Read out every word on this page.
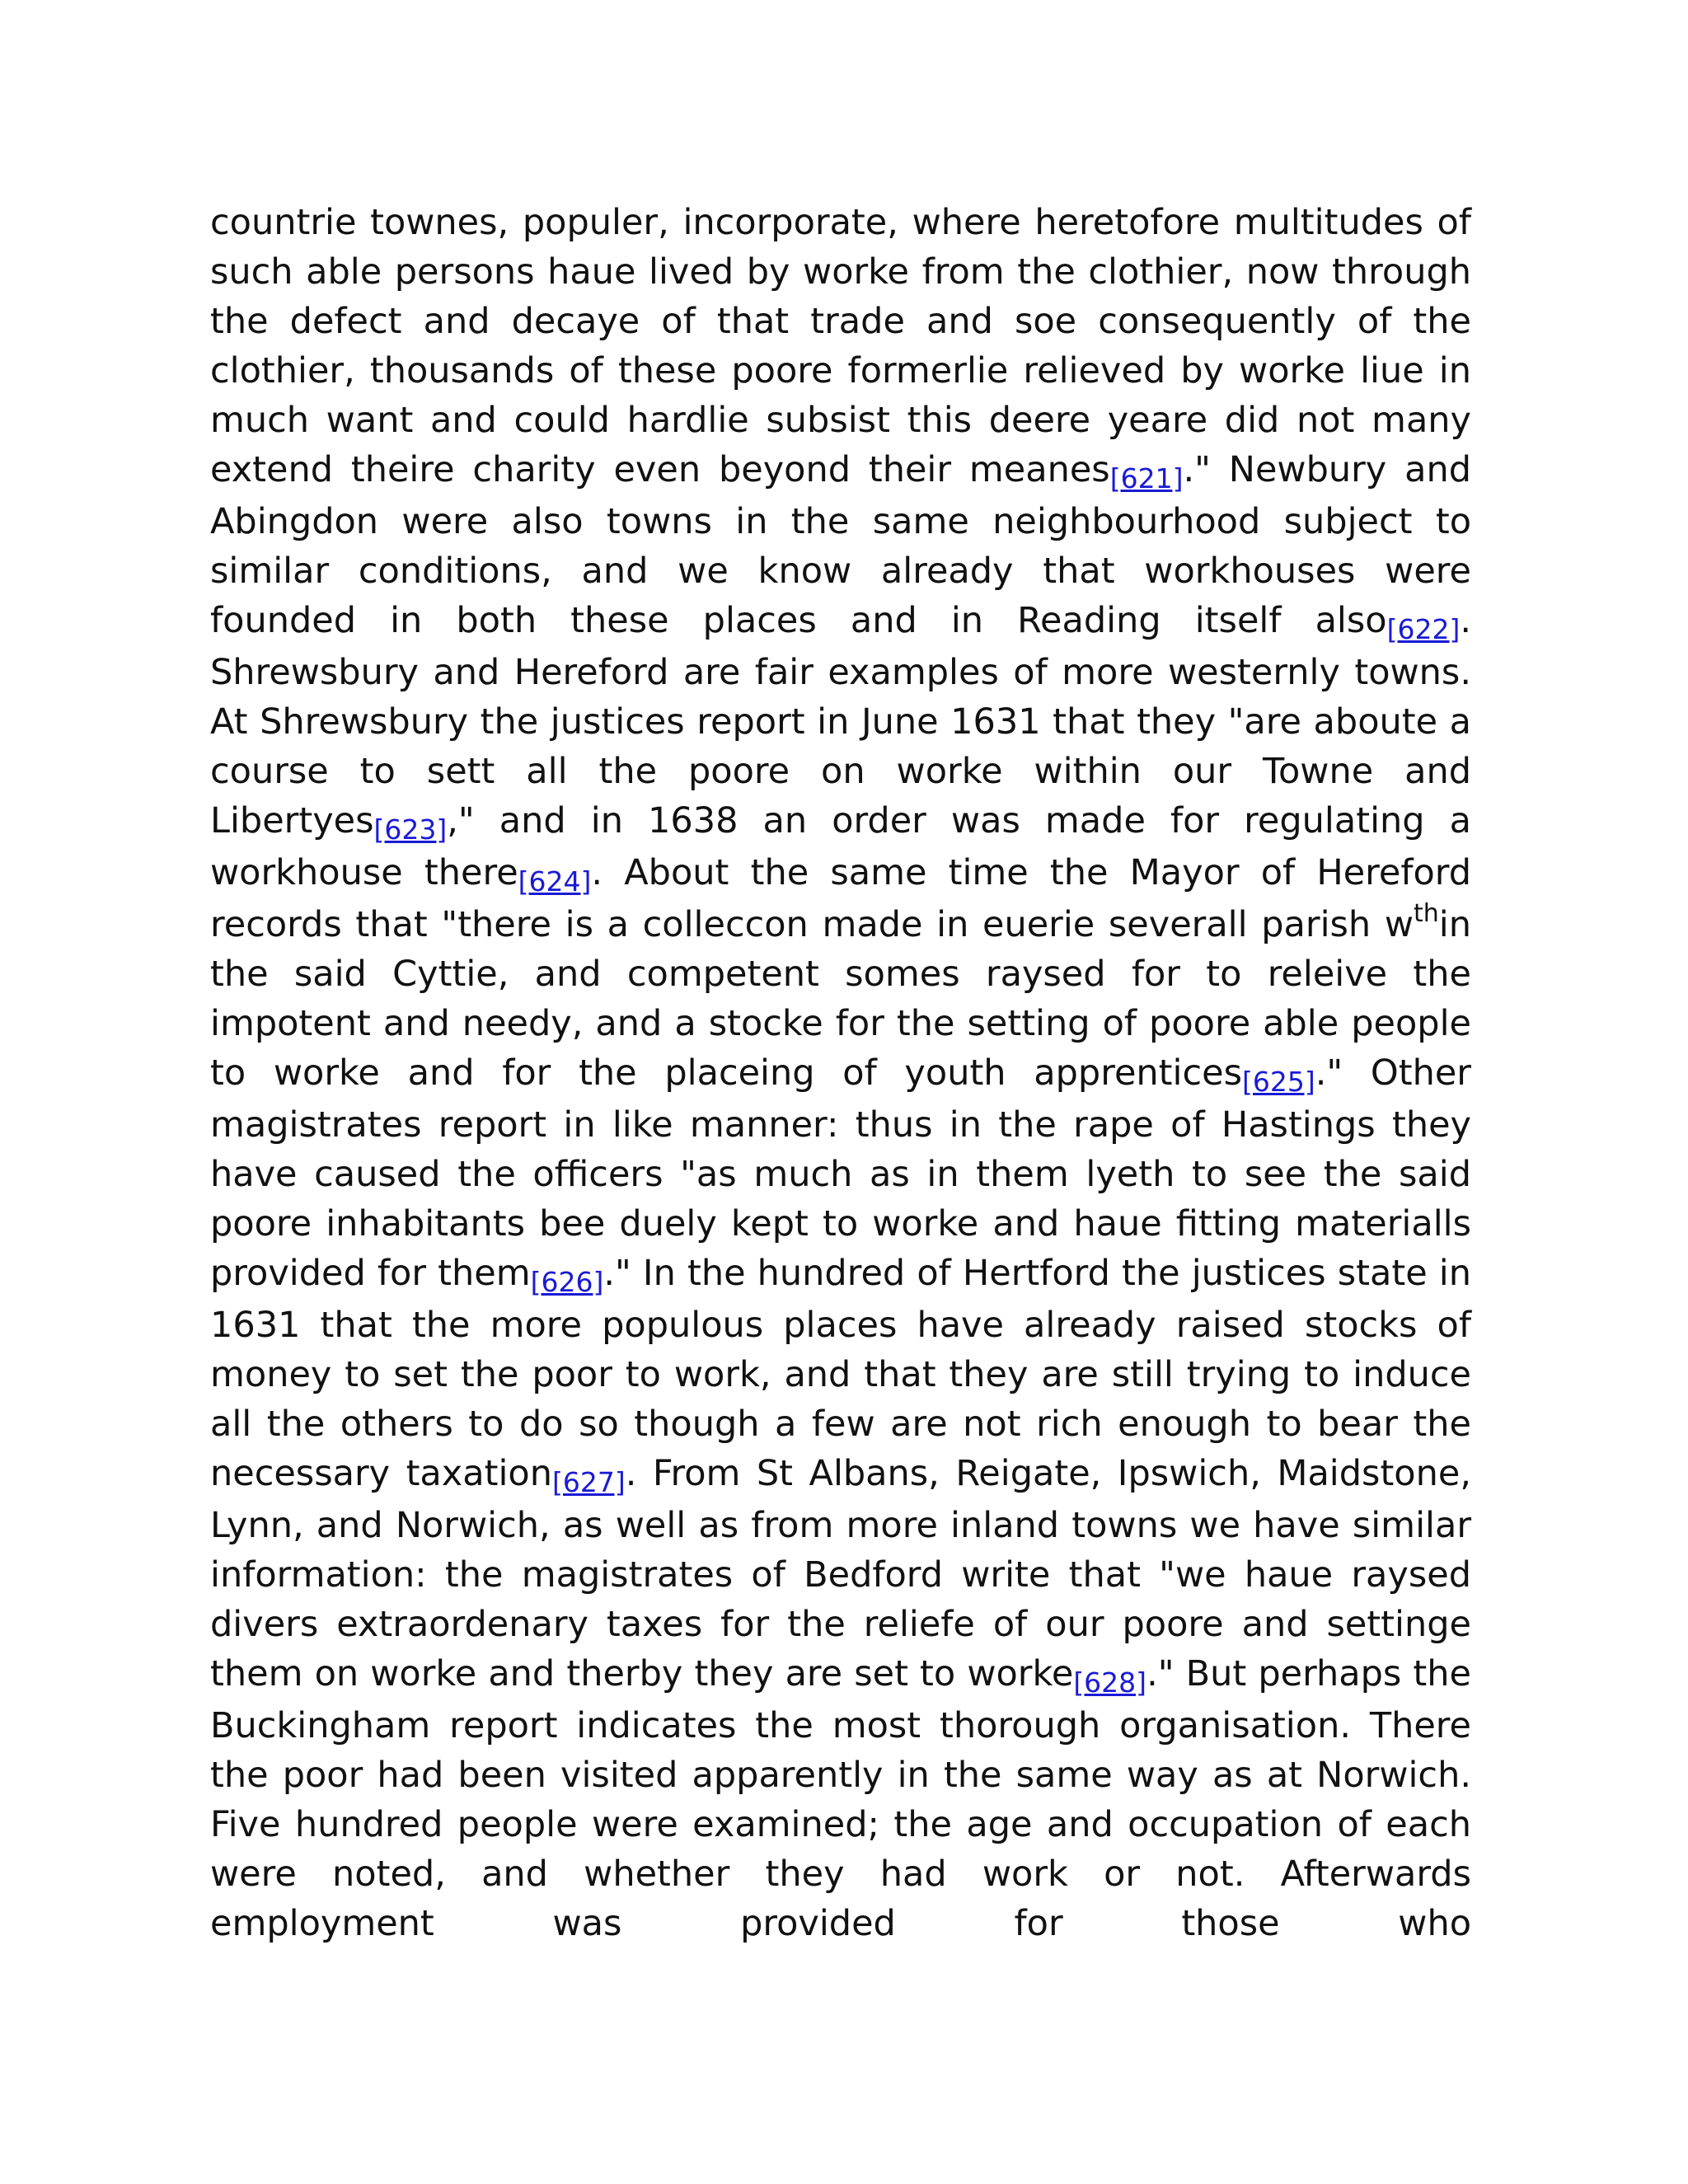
countrie townes, populer, incorporate, where heretofore multitudes of such able persons haue lived by worke from the clothier, now through the defect and decaye of that trade and soe consequently of the clothier, thousands of these poore formerlie relieved by worke liue in much want and could hardlie subsist this deere yeare did not many extend theire charity even beyond their meanes[621]." Newbury and Abingdon were also towns in the same neighbourhood subject to similar conditions, and we know already that workhouses were founded in both these places and in Reading itself also[622]. Shrewsbury and Hereford are fair examples of more westernly towns. At Shrewsbury the justices report in June 1631 that they "are aboute a course to sett all the poore on worke within our Towne and Libertyes[623]," and in 1638 an order was made for regulating a workhouse there[624]. About the same time the Mayor of Hereford records that "there is a colleccon made in euerie severall parish $w^{th}in$ the said Cyttie, and competent somes raysed for to releive the impotent and needy, and a stocke for the setting of poore able people to worke and for the placeing of youth apprentices[625]." Other magistrates report in like manner: thus in the rape of Hastings they have caused the officers "as much as in them lyeth to see the said poore inhabitants bee duely kept to worke and haue fitting materialls provided for them[626]." In the hundred of Hertford the justices state in 1631 that the more populous places have already raised stocks of money to set the poor to work, and that they are still trying to induce all the others to do so though a few are not rich enough to bear the necessary taxation[627]. From St Albans, Reigate, Ipswich, Maidstone, Lynn, and Norwich, as well as from more inland towns we have similar information: the magistrates of Bedford write that "we haue raysed divers extraordenary taxes for the reliefe of our poore and settinge them on worke and therby they are set to worke[628]." But perhaps the Buckingham report indicates the most thorough organisation. There the poor had been visited apparently in the same way as at Norwich. Five hundred people were examined; the age and occupation of each were noted, and whether they had work or not. Afterwards employment was provided for those who
